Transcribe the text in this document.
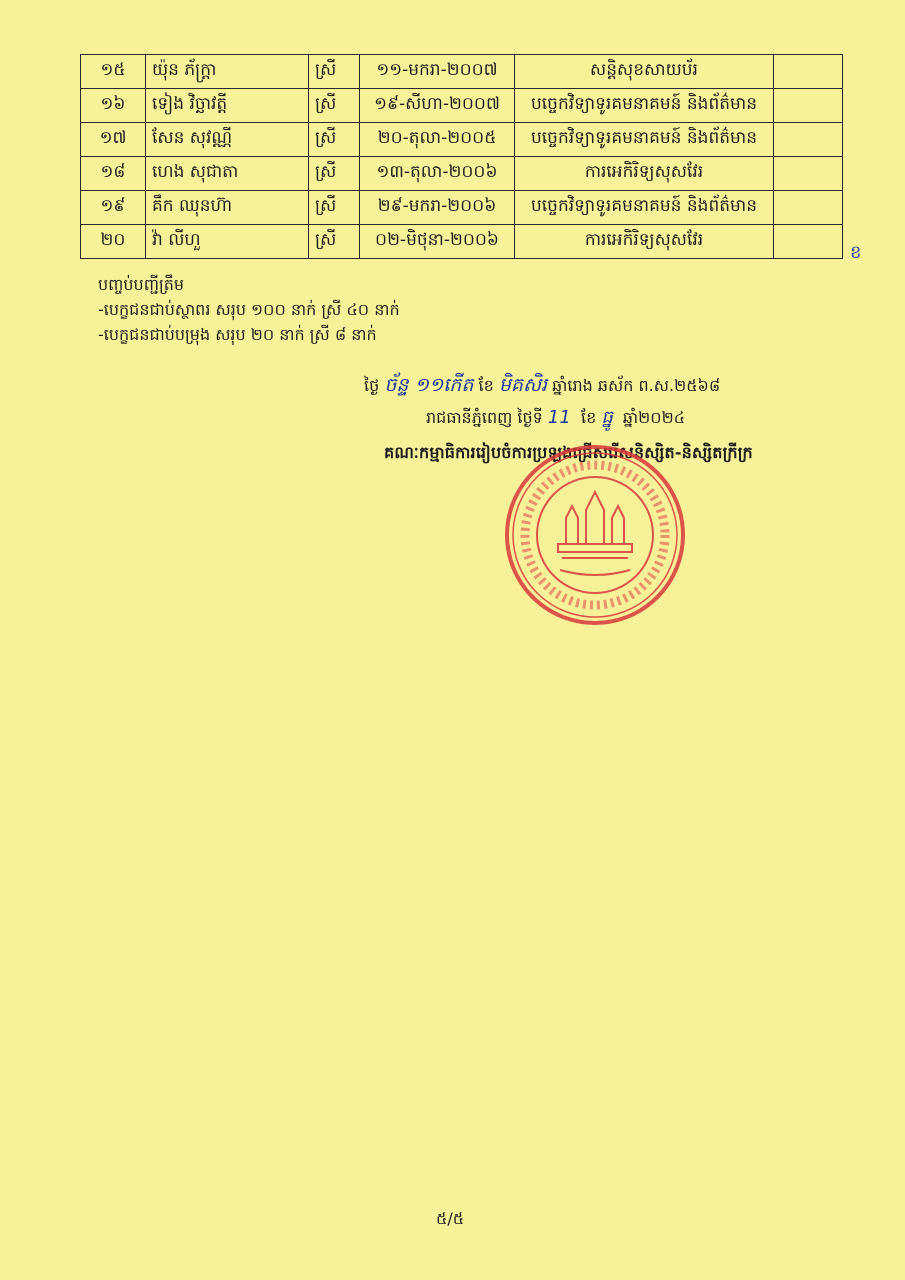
១៥	យ៉ុន ភ័ក្ត្រា	ស្រី	១១-មករា-២០០៧	សន្តិសុខសាយប័រ	
១៦	ទៀង វិច្ឆាវត្តី	ស្រី	១៩-សីហា-២០០៧	បច្ចេកវិទ្យាទូរគមនាគមន៍ និងព័ត៌មាន	
១៧	សែន សុវណ្ណី	ស្រី	២០-តុលា-២០០៥	បច្ចេកវិទ្យាទូរគមនាគមន៍ និងព័ត៌មាន	
១៨	ហេង សុជាតា	ស្រី	១៣-តុលា-២០០៦	ការអេកិរិទ្យសុសវែរ	
១៩	គឹក ឈុនហ៊ា	ស្រី	២៩-មករា-២០០៦	បច្ចេកវិទ្យាទូរគមនាគមន៍ និងព័ត៌មាន	
២០	វ៉ា លីហួ	ស្រី	០២-មិថុនា-២០០៦	ការអេកិរិទ្យសុសវែរ	
ខ
បញ្ចប់បញ្ជីត្រឹម
-បេក្ខជនជាប់ស្ថាពរ សរុប ១០០ នាក់ ស្រី ៤០ នាក់
-បេក្ខជនជាប់បម្រុង សរុប ២០ នាក់ ស្រី ៨ នាក់
ថ្ងៃ ច័ន្ទ ១១កើត ខែ មិគសិរ ឆ្នាំរោង ឆស័ក ព.ស.២៥៦៨
រាជធានីភ្នំពេញ ថ្ងៃទី 11 ខែ ធ្នូ ឆ្នាំ២០២៤
គណៈកម្មាធិការរៀបចំការប្រឡងជ្រើសរើសនិស្សិត-និស្សិតក្រីក្រ
៥/៥
